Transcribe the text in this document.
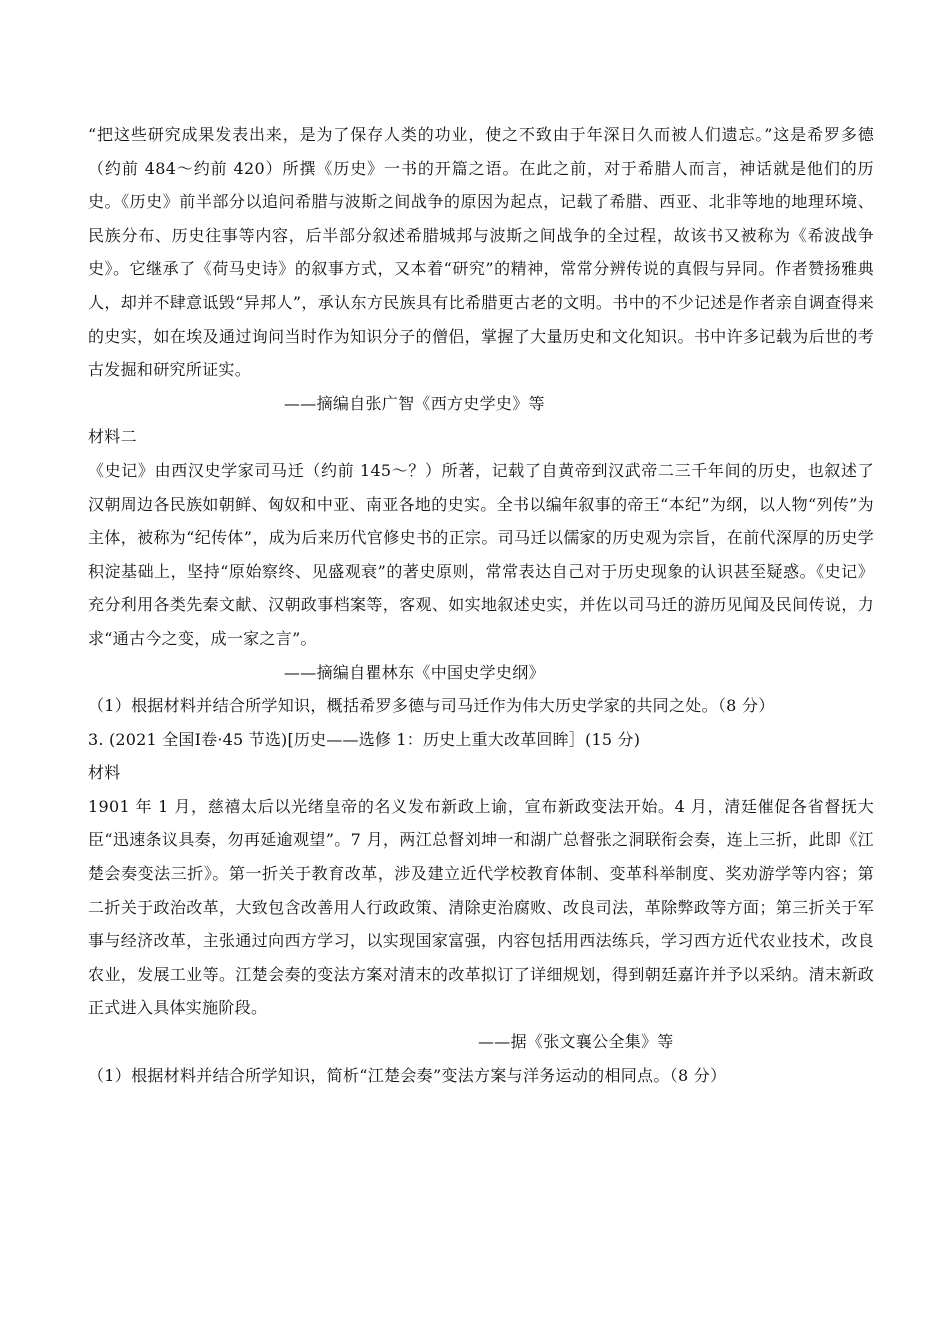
“把这些研究成果发表出来，是为了保存人类的功业，使之不致由于年深日久而被人们遗忘。”这是希罗多德（约前 484～约前 420）所撰《历史》一书的开篇之语。在此之前，对于希腊人而言，神话就是他们的历史。《历史》前半部分以追问希腊与波斯之间战争的原因为起点，记载了希腊、西亚、北非等地的地理环境、民族分布、历史往事等内容，后半部分叙述希腊城邦与波斯之间战争的全过程，故该书又被称为《希波战争史》。它继承了《荷马史诗》的叙事方式，又本着“研究”的精神，常常分辨传说的真假与异同。作者赞扬雅典人，却并不肆意诋毁“异邦人”，承认东方民族具有比希腊更古老的文明。书中的不少记述是作者亲自调查得来的史实，如在埃及通过询问当时作为知识分子的僧侣，掌握了大量历史和文化知识。书中许多记载为后世的考古发掘和研究所证实。

——摘编自张广智《西方史学史》等

材料二

《史记》由西汉史学家司马迁（约前 145～？）所著，记载了自黄帝到汉武帝二三千年间的历史，也叙述了汉朝周边各民族如朝鲜、匈奴和中亚、南亚各地的史实。全书以编年叙事的帝王“本纪”为纲，以人物“列传”为主体，被称为“纪传体”，成为后来历代官修史书的正宗。司马迁以儒家的历史观为宗旨，在前代深厚的历史学积淀基础上，坚持“原始察终、见盛观衰”的著史原则，常常表达自己对于历史现象的认识甚至疑惑。《史记》充分利用各类先秦文献、汉朝政事档案等，客观、如实地叙述史实，并佐以司马迁的游历见闻及民间传说，力求“通古今之变，成一家之言”。

——摘编自瞿林东《中国史学史纲》

（1）根据材料并结合所学知识，概括希罗多德与司马迁作为伟大历史学家的共同之处。（8 分）

3. (2021 全国Ⅰ卷·45 节选)[历史——选修 1：历史上重大改革回眸］(15 分)

材料

1901 年 1 月，慈禧太后以光绪皇帝的名义发布新政上谕，宣布新政变法开始。4 月，清廷催促各省督抚大臣“迅速条议具奏，勿再延逾观望”。7 月，两江总督刘坤一和湖广总督张之洞联衔会奏，连上三折，此即《江楚会奏变法三折》。第一折关于教育改革，涉及建立近代学校教育体制、变革科举制度、奖劝游学等内容；第二折关于政治改革，大致包含改善用人行政政策、清除吏治腐败、改良司法，革除弊政等方面；第三折关于军事与经济改革，主张通过向西方学习，以实现国家富强，内容包括用西法练兵，学习西方近代农业技术，改良农业，发展工业等。江楚会奏的变法方案对清末的改革拟订了详细规划，得到朝廷嘉许并予以采纳。清末新政正式进入具体实施阶段。

——据《张文襄公全集》等

（1）根据材料并结合所学知识，简析“江楚会奏”变法方案与洋务运动的相同点。（8 分）
